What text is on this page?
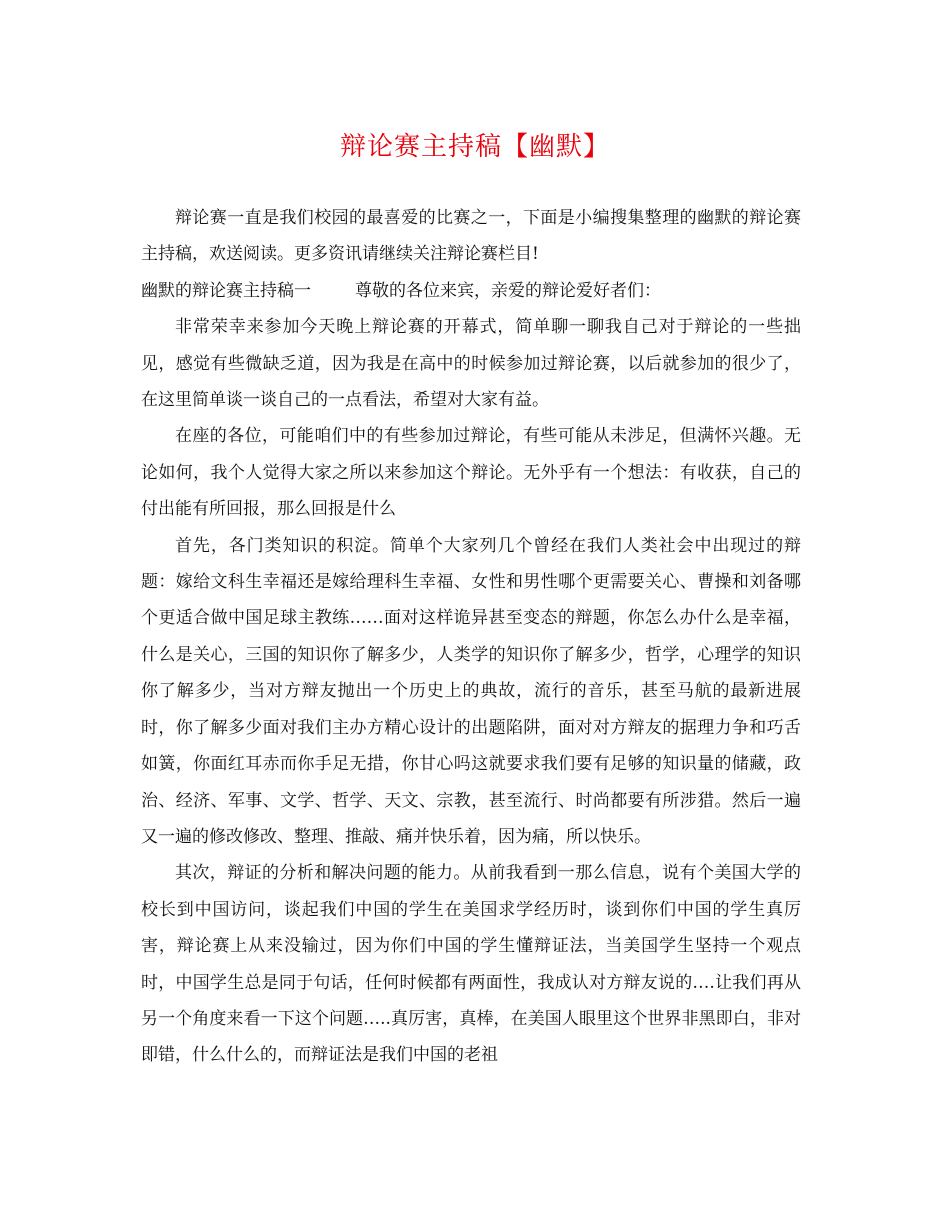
辩论赛主持稿【幽默】

辩论赛一直是我们校园的最喜爱的比赛之一，下面是小编搜集整理的幽默的辩论赛主持稿，欢送阅读。更多资讯请继续关注辩论赛栏目!

幽默的辩论赛主持稿一	尊敬的各位来宾，亲爱的辩论爱好者们：

非常荣幸来参加今天晚上辩论赛的开幕式，简单聊一聊我自己对于辩论的一些拙见，感觉有些微缺乏道，因为我是在高中的时候参加过辩论赛，以后就参加的很少了，在这里简单谈一谈自己的一点看法，希望对大家有益。

在座的各位，可能咱们中的有些参加过辩论，有些可能从未涉足，但满怀兴趣。无论如何，我个人觉得大家之所以来参加这个辩论。无外乎有一个想法：有收获，自己的付出能有所回报，那么回报是什么

首先，各门类知识的积淀。简单个大家列几个曾经在我们人类社会中出现过的辩题：嫁给文科生幸福还是嫁给理科生幸福、女性和男性哪个更需要关心、曹操和刘备哪个更适合做中国足球主教练……面对这样诡异甚至变态的辩题，你怎么办什么是幸福，什么是关心，三国的知识你了解多少，人类学的知识你了解多少，哲学，心理学的知识你了解多少，当对方辩友抛出一个历史上的典故，流行的音乐，甚至马航的最新进展时，你了解多少面对我们主办方精心设计的出题陷阱，面对对方辩友的据理力争和巧舌如簧，你面红耳赤而你手足无措，你甘心吗这就要求我们要有足够的知识量的储藏，政治、经济、军事、文学、哲学、天文、宗教，甚至流行、时尚都要有所涉猎。然后一遍又一遍的修改修改、整理、推敲、痛并快乐着，因为痛，所以快乐。

其次，辩证的分析和解决问题的能力。从前我看到一那么信息，说有个美国大学的校长到中国访问，谈起我们中国的学生在美国求学经历时，谈到你们中国的学生真厉害，辩论赛上从来没输过，因为你们中国的学生懂辩证法，当美国学生坚持一个观点时，中国学生总是同于句话，任何时候都有两面性，我成认对方辩友说的….让我们再从另一个角度来看一下这个问题…..真厉害，真棒，在美国人眼里这个世界非黑即白，非对即错，什么什么的，而辩证法是我们中国的老祖
